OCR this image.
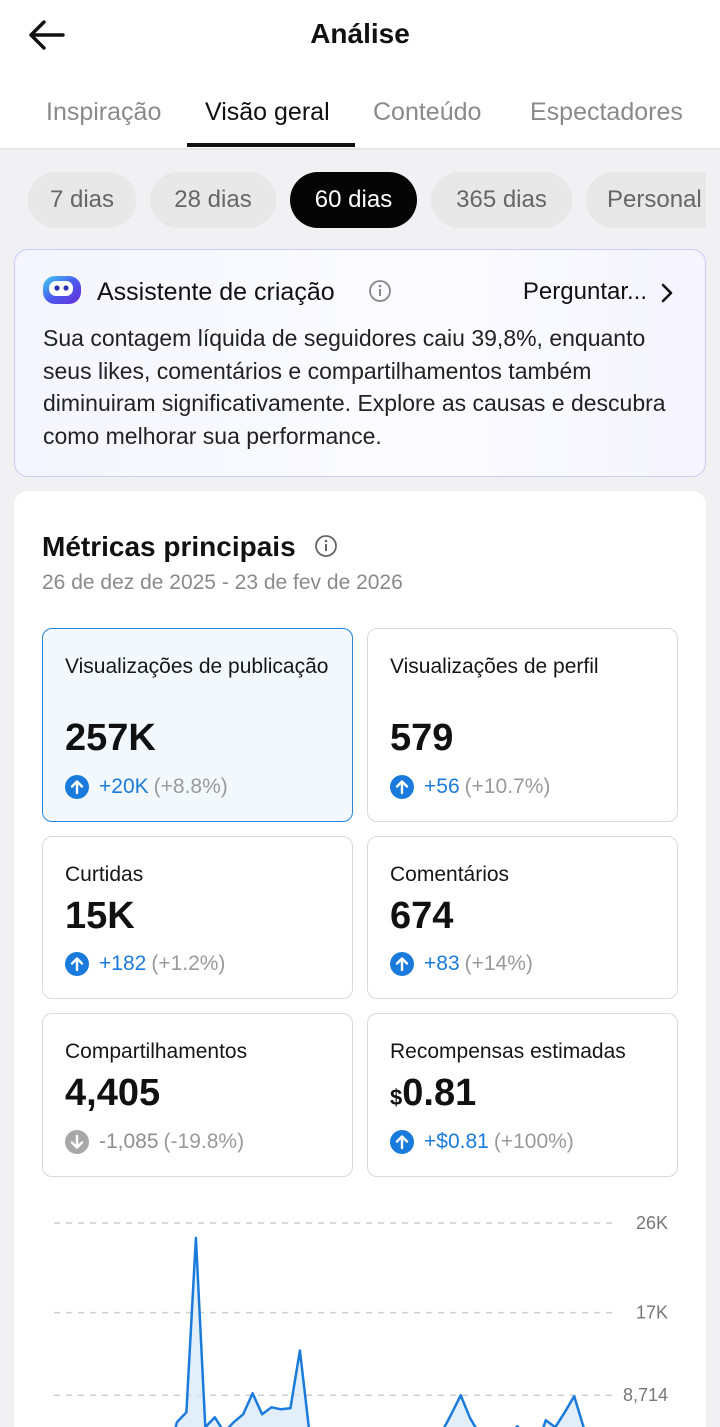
Análise
Inspiração Visão geral Conteúdo Espectadores
7 dias	28 dias	60 dias	365 dias	Personal
Assistente de criação	Perguntar...
Sua contagem líquida de seguidores caiu 39,8%, enquanto seus likes, comentários e compartilhamentos também diminuiram significativamente. Explore as causas e descubra como melhorar sua performance.
Métricas principais
26 de dez de 2025 - 23 de fev de 2026
Visualizações de publicação
257K
+20K (+8.8%)
Visualizações de perfil
579
+56 (+10.7%)
Curtidas
15K
+182 (+1.2%)
Comentários
674
+83 (+14%)
Compartilhamentos
4,405
-1,085 (-19.8%)
Recompensas estimadas
$0.81
+$0.81 (+100%)
26K
17K
8,714
